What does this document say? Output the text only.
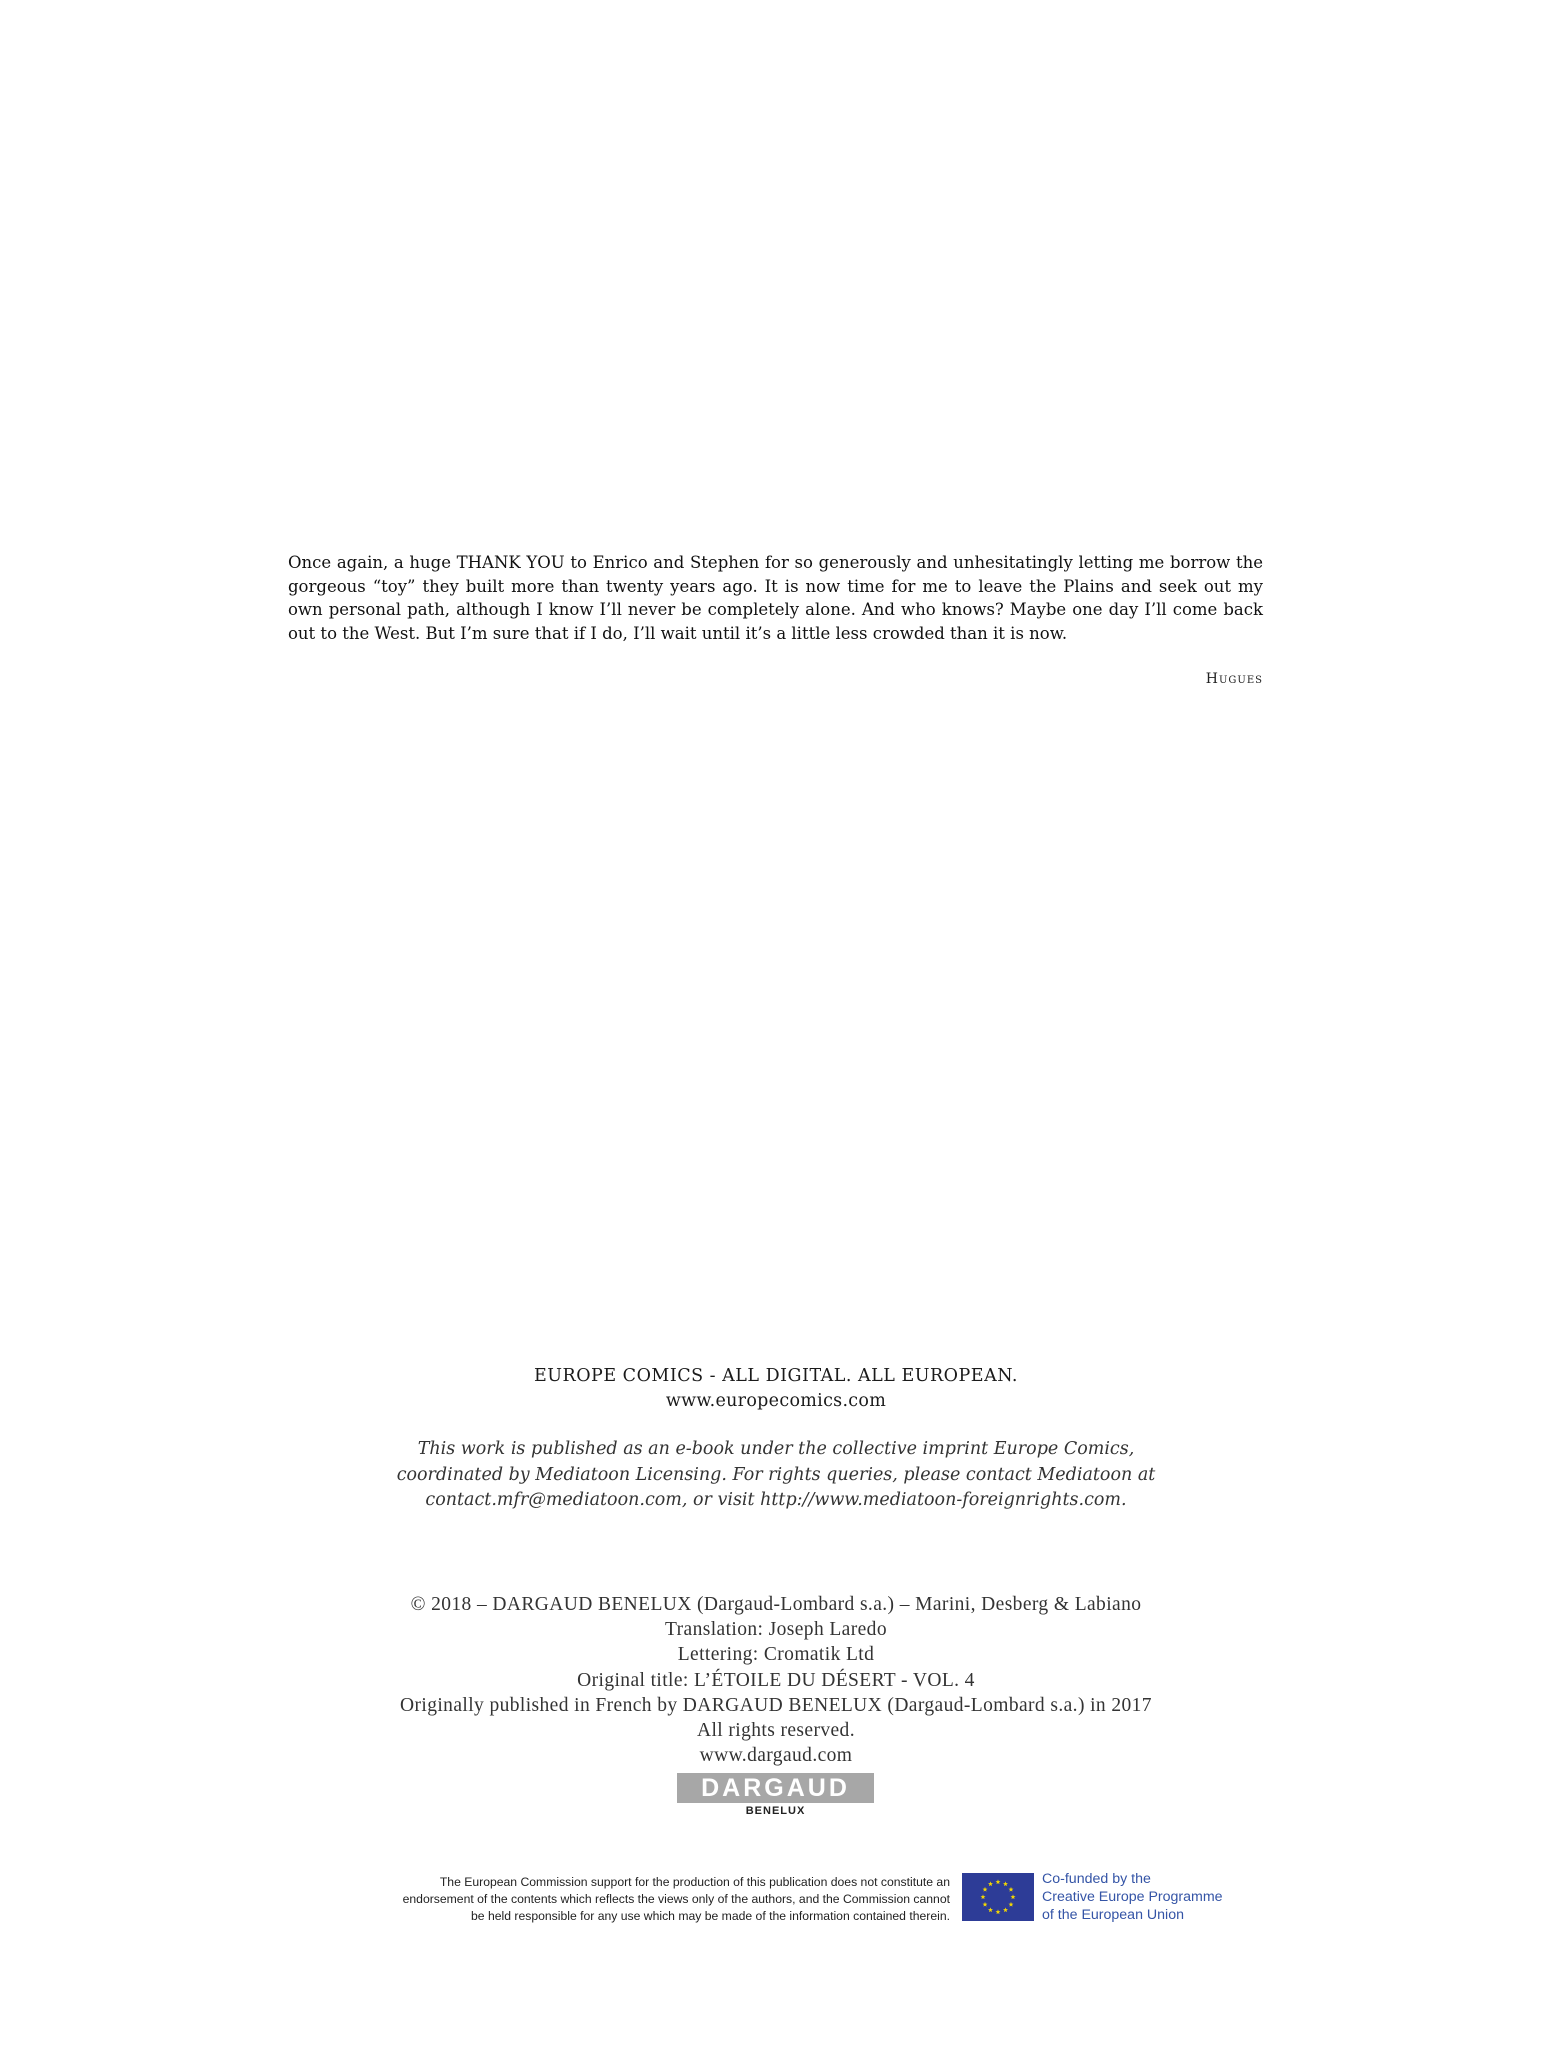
Once again, a huge THANK YOU to Enrico and Stephen for so generously and unhesitatingly letting me borrow the gorgeous “toy” they built more than twenty years ago. It is now time for me to leave the Plains and seek out my own personal path, although I know I’ll never be completely alone. And who knows? Maybe one day I’ll come back out to the West. But I’m sure that if I do, I’ll wait until it’s a little less crowded than it is now.
Hugues
EUROPE COMICS - ALL DIGITAL. ALL EUROPEAN.
www.europecomics.com
This work is published as an e-book under the collective imprint Europe Comics,
coordinated by Mediatoon Licensing. For rights queries, please contact Mediatoon at
contact.mfr@mediatoon.com, or visit http://www.mediatoon-foreignrights.com.
© 2018 – DARGAUD BENELUX (Dargaud-Lombard s.a.) – Marini, Desberg & Labiano
Translation: Joseph Laredo
Lettering: Cromatik Ltd
Original title: L’ÉTOILE DU DÉSERT - VOL. 4
Originally published in French by DARGAUD BENELUX (Dargaud-Lombard s.a.) in 2017
All rights reserved.
www.dargaud.com
DARGAUD
BENELUX
The European Commission support for the production of this publication does not constitute an
endorsement of the contents which reflects the views only of the authors, and the Commission cannot
be held responsible for any use which may be made of the information contained therein.
Co-funded by the
Creative Europe Programme
of the European Union
